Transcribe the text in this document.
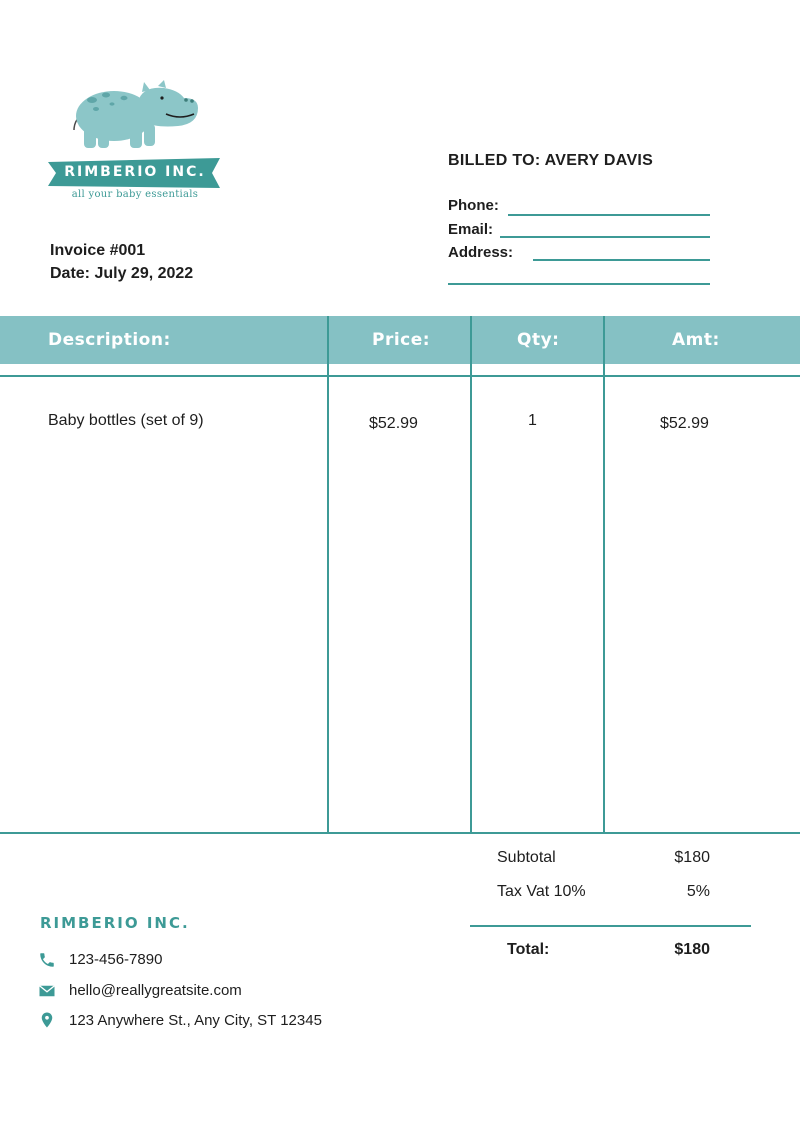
RIMBERIO INC.
all your baby essentials
Invoice #001
Date: July 29, 2022
BILLED TO: AVERY DAVIS
Phone:
Email:
Address:
Description:	Price:	Qty:	Amt:
Baby bottles (set of 9)	$52.99	1	$52.99
Subtotal	$180
Tax Vat 10%	5%
Total:	$180
RIMBERIO INC.
123-456-7890
hello@reallygreatsite.com
123 Anywhere St., Any City, ST 12345
